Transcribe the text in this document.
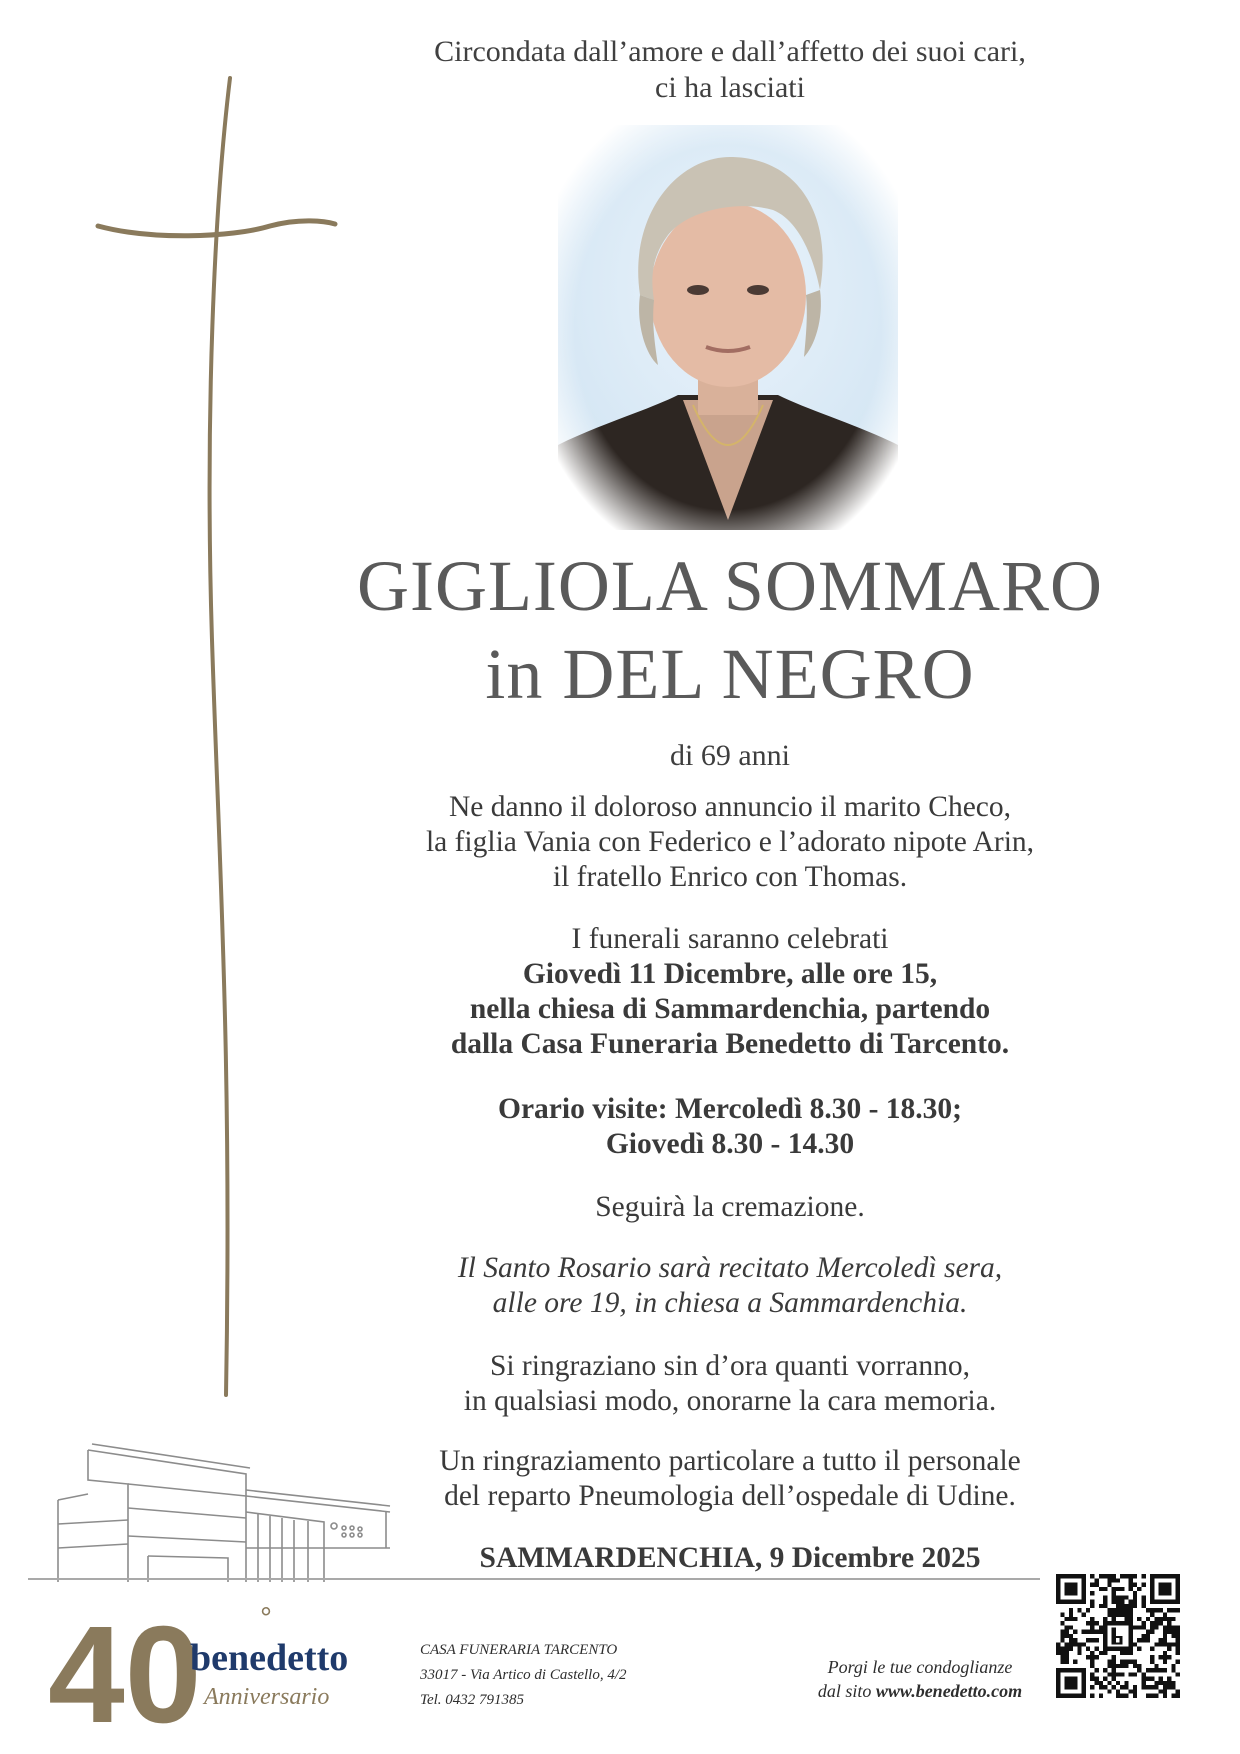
Circondata dall’amore e dall’affetto dei suoi cari,
ci ha lasciati
GIGLIOLA SOMMARO
in DEL NEGRO
di 69 anni
Ne danno il doloroso annuncio il marito Checo,
la figlia Vania con Federico e l’adorato nipote Arin,
il fratello Enrico con Thomas.
I funerali saranno celebrati
Giovedì 11 Dicembre, alle ore 15,
nella chiesa di Sammardenchia, partendo
dalla Casa Funeraria Benedetto di Tarcento.
Orario visite: Mercoledì 8.30 - 18.30;
Giovedì 8.30 - 14.30
Seguirà la cremazione.
Il Santo Rosario sarà recitato Mercoledì sera,
alle ore 19, in chiesa a Sammardenchia.
Si ringraziano sin d’ora quanti vorranno,
in qualsiasi modo, onorarne la cara memoria.
Un ringraziamento particolare a tutto il personale
del reparto Pneumologia dell’ospedale di Udine.
SAMMARDENCHIA, 9 Dicembre 2025
40 °
benedetto
Anniversario
CASA FUNERARIA TARCENTO
33017 - Via Artico di Castello, 4/2
Tel. 0432 791385
Porgi le tue condoglianze
dal sito www.benedetto.com
